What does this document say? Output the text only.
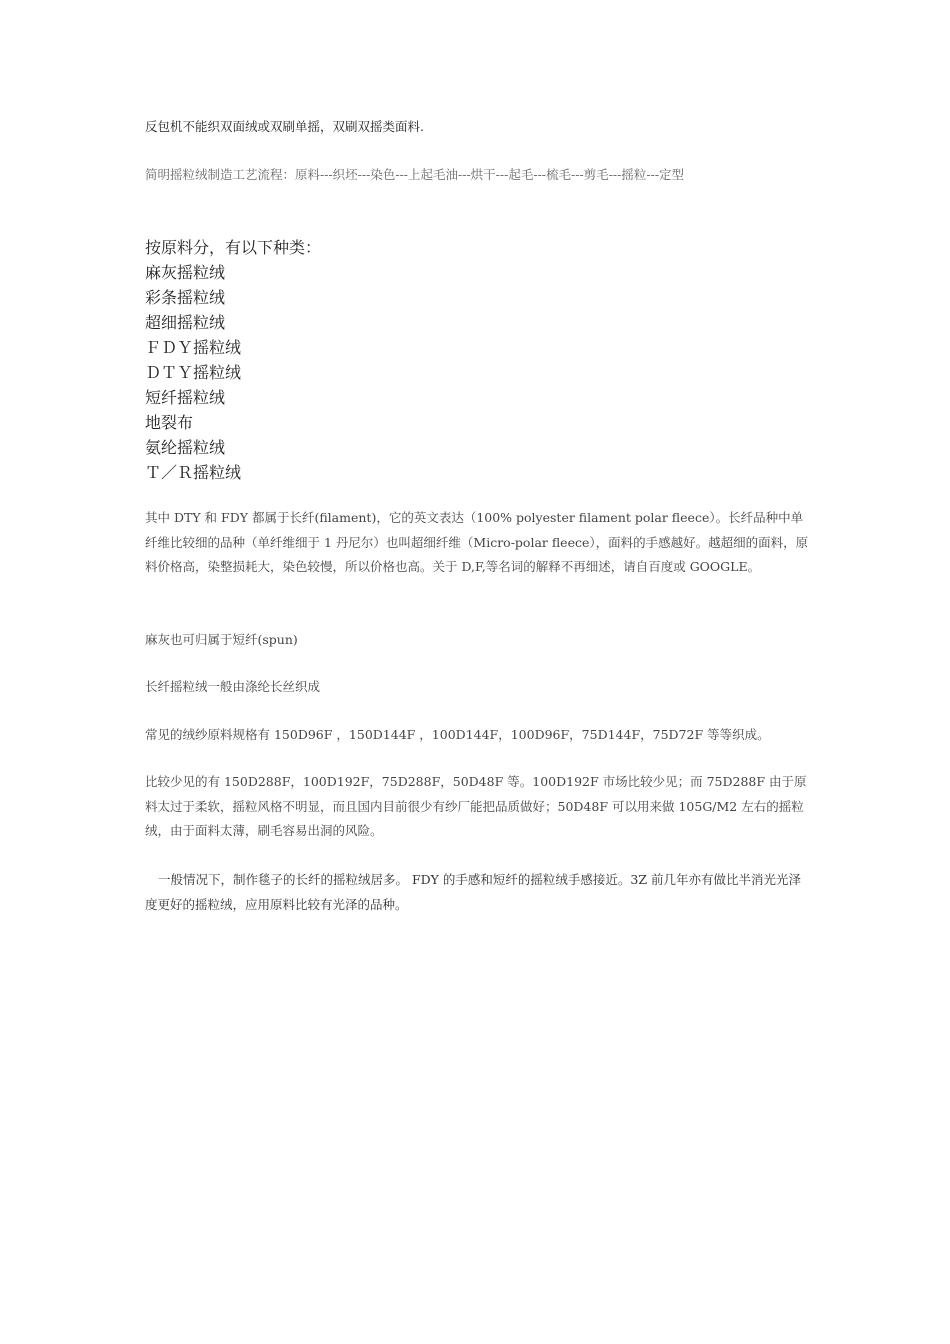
反包机不能织双面绒或双刷单摇，双刷双摇类面料.

简明摇粒绒制造工艺流程：原料---织坯---染色---上起毛油---烘干---起毛---梳毛---剪毛---摇粒---定型

按原料分，有以下种类：
麻灰摇粒绒
彩条摇粒绒
超细摇粒绒
ＦＤＹ摇粒绒
ＤＴＹ摇粒绒
短纤摇粒绒
地裂布
氨纶摇粒绒
Ｔ／Ｒ摇粒绒

其中 DTY 和 FDY 都属于长纤(filament)，它的英文表达（100% polyester filament polar fleece）。长纤品种中单纤维比较细的品种（单纤维细于 1 丹尼尔）也叫超细纤维（Micro-polar fleece），面料的手感越好。越超细的面料，原料价格高，染整损耗大，染色较慢，所以价格也高。关于 D,F,等名词的解释不再细述，请自百度或 GOOGLE。

麻灰也可归属于短纤(spun)

长纤摇粒绒一般由涤纶长丝织成

常见的绒纱原料规格有 150D96F ，150D144F ，100D144F，100D96F，75D144F，75D72F 等等织成。

比较少见的有 150D288F，100D192F，75D288F，50D48F 等。100D192F 市场比较少见；而 75D288F 由于原料太过于柔软，摇粒风格不明显，而且国内目前很少有纱厂能把品质做好；50D48F 可以用来做 105G/M2 左右的摇粒绒，由于面料太薄，刷毛容易出洞的风险。

一般情况下，制作毯子的长纤的摇粒绒居多。 FDY 的手感和短纤的摇粒绒手感接近。3Z 前几年亦有做比半消光光泽度更好的摇粒绒，应用原料比较有光泽的品种。
